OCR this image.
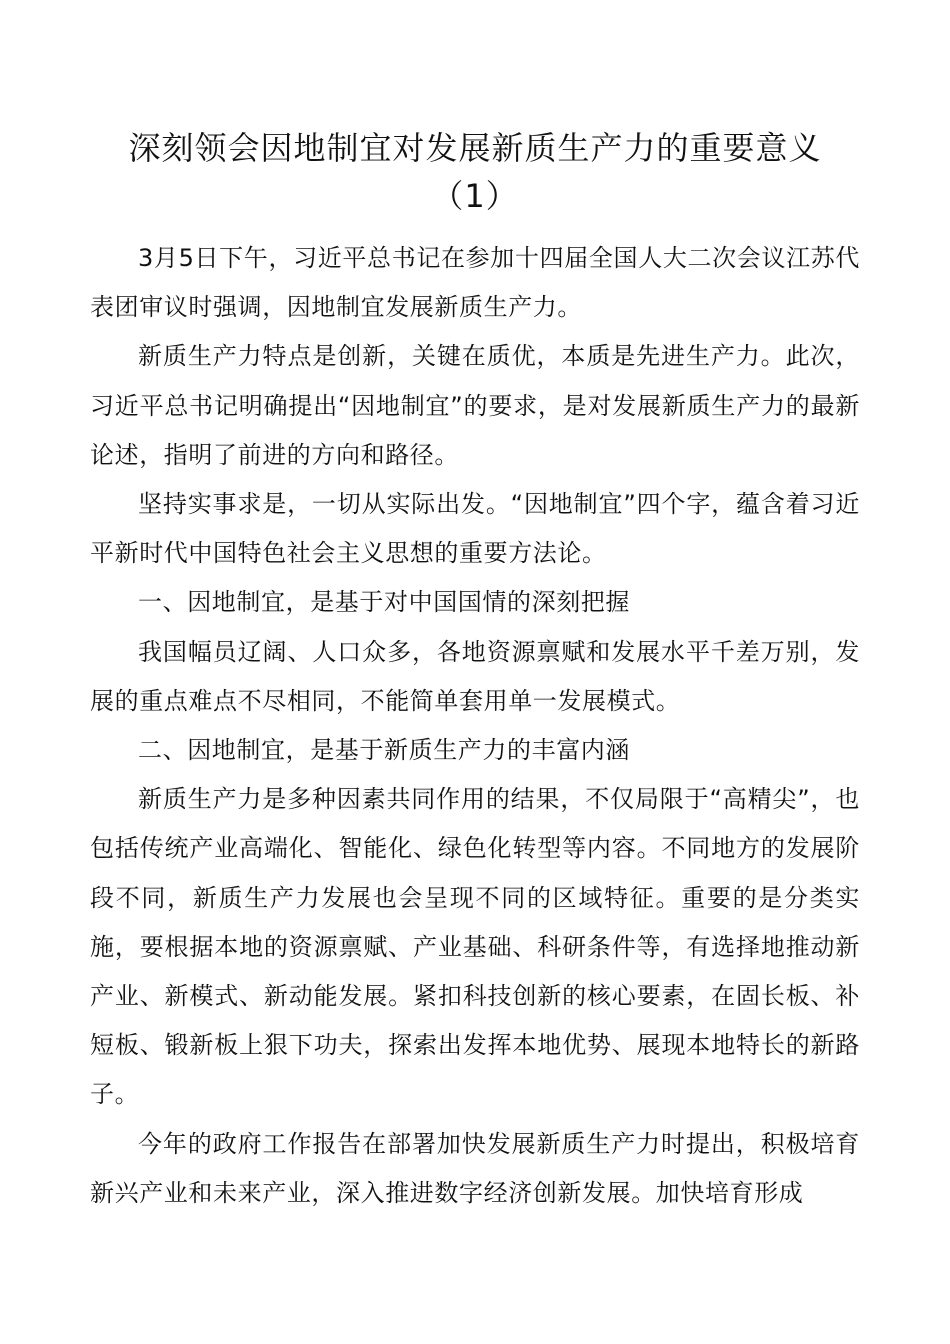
深刻领会因地制宜对发展新质生产力的重要意义
（1）

3月5日下午，习近平总书记在参加十四届全国人大二次会议江苏代表团审议时强调，因地制宜发展新质生产力。

新质生产力特点是创新，关键在质优，本质是先进生产力。此次，习近平总书记明确提出“因地制宜”的要求，是对发展新质生产力的最新论述，指明了前进的方向和路径。

坚持实事求是，一切从实际出发。“因地制宜”四个字，蕴含着习近平新时代中国特色社会主义思想的重要方法论。

一、因地制宜，是基于对中国国情的深刻把握

我国幅员辽阔、人口众多，各地资源禀赋和发展水平千差万别，发展的重点难点不尽相同，不能简单套用单一发展模式。

二、因地制宜，是基于新质生产力的丰富内涵

新质生产力是多种因素共同作用的结果，不仅局限于“高精尖”，也包括传统产业高端化、智能化、绿色化转型等内容。不同地方的发展阶段不同，新质生产力发展也会呈现不同的区域特征。重要的是分类实施，要根据本地的资源禀赋、产业基础、科研条件等，有选择地推动新产业、新模式、新动能发展。紧扣科技创新的核心要素，在固长板、补短板、锻新板上狠下功夫，探索出发挥本地优势、展现本地特长的新路子。

今年的政府工作报告在部署加快发展新质生产力时提出，积极培育新兴产业和未来产业，深入推进数字经济创新发展。加快培育形成
